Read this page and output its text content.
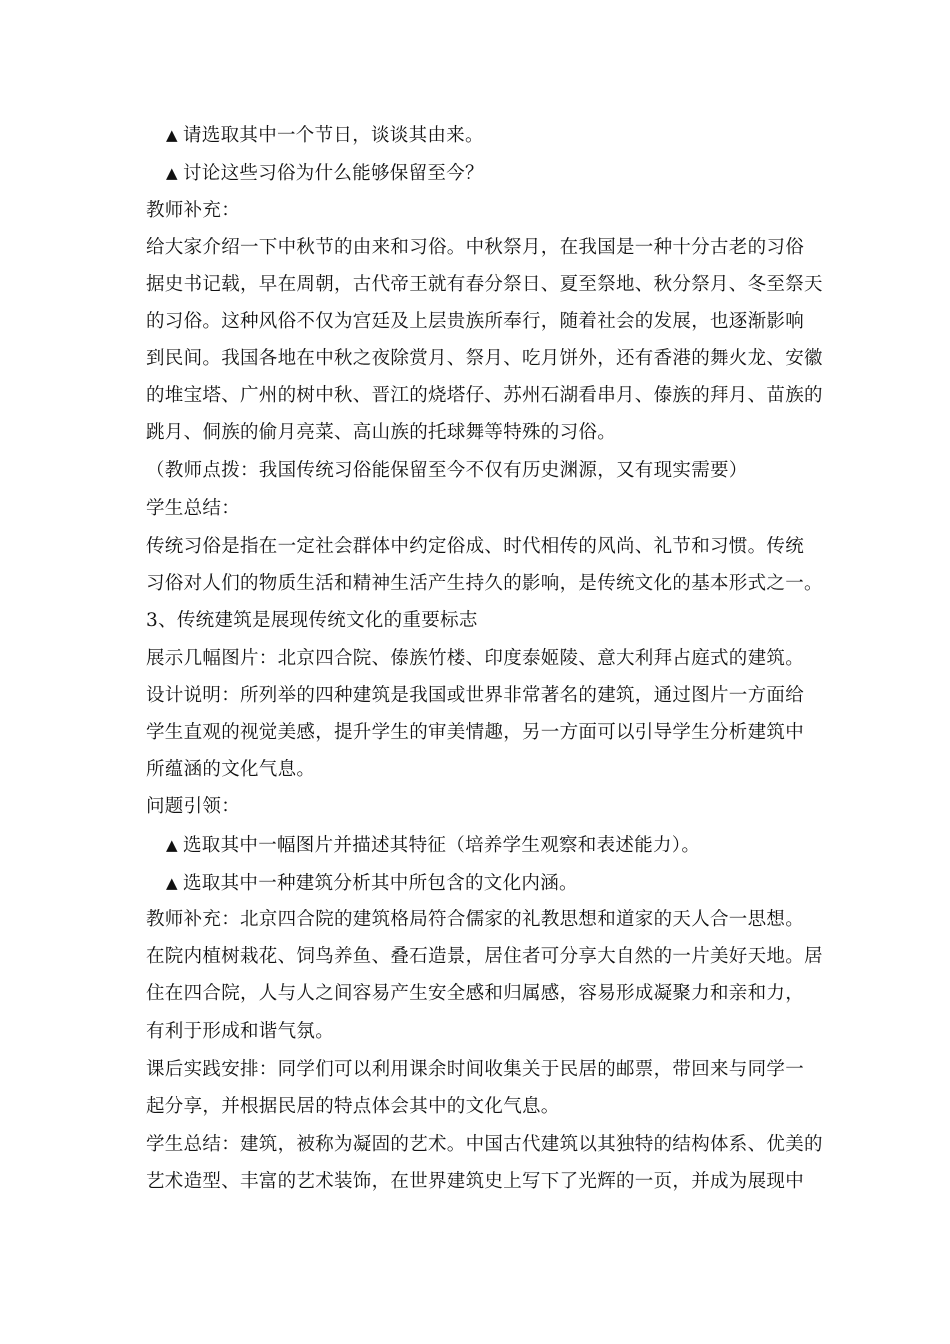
▲ 请选取其中一个节日，谈谈其由来。
▲ 讨论这些习俗为什么能够保留至今？
教师补充：
给大家介绍一下中秋节的由来和习俗。中秋祭月，在我国是一种十分古老的习俗
据史书记载，早在周朝，古代帝王就有春分祭日、夏至祭地、秋分祭月、冬至祭天
的习俗。这种风俗不仅为宫廷及上层贵族所奉行，随着社会的发展，也逐渐影响
到民间。我国各地在中秋之夜除赏月、祭月、吃月饼外，还有香港的舞火龙、安徽
的堆宝塔、广州的树中秋、晋江的烧塔仔、苏州石湖看串月、傣族的拜月、苗族的
跳月、侗族的偷月亮菜、高山族的托球舞等特殊的习俗。
（教师点拨：我国传统习俗能保留至今不仅有历史渊源，又有现实需要）
学生总结：
传统习俗是指在一定社会群体中约定俗成、时代相传的风尚、礼节和习惯。传统
习俗对人们的物质生活和精神生活产生持久的影响，是传统文化的基本形式之一。
3、传统建筑是展现传统文化的重要标志
展示几幅图片：北京四合院、傣族竹楼、印度泰姬陵、意大利拜占庭式的建筑。
设计说明：所列举的四种建筑是我国或世界非常著名的建筑，通过图片一方面给
学生直观的视觉美感，提升学生的审美情趣，另一方面可以引导学生分析建筑中
所蕴涵的文化气息。
问题引领：
▲ 选取其中一幅图片并描述其特征（培养学生观察和表述能力）。
▲ 选取其中一种建筑分析其中所包含的文化内涵。
教师补充：北京四合院的建筑格局符合儒家的礼教思想和道家的天人合一思想。
在院内植树栽花、饲鸟养鱼、叠石造景，居住者可分享大自然的一片美好天地。居
住在四合院，人与人之间容易产生安全感和归属感，容易形成凝聚力和亲和力，
有利于形成和谐气氛。
课后实践安排：同学们可以利用课余时间收集关于民居的邮票，带回来与同学一
起分享，并根据民居的特点体会其中的文化气息。
学生总结：建筑，被称为凝固的艺术。中国古代建筑以其独特的结构体系、优美的
艺术造型、丰富的艺术装饰，在世界建筑史上写下了光辉的一页，并成为展现中
